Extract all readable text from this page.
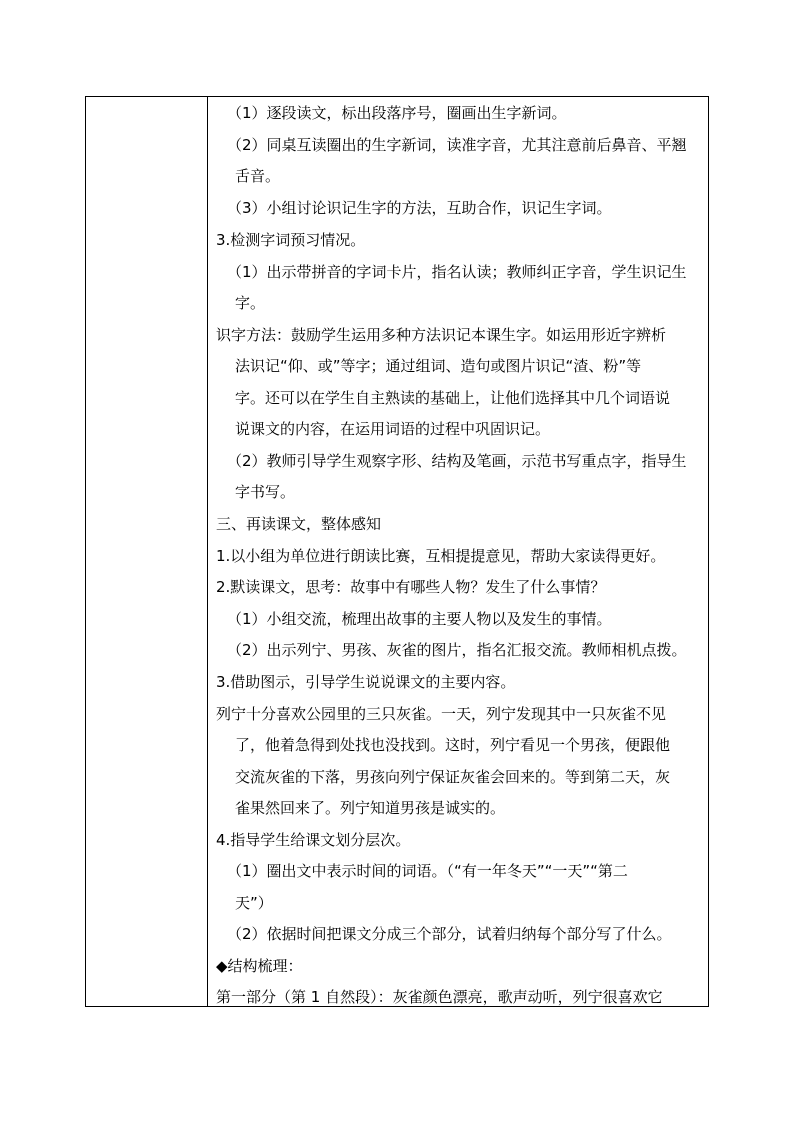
（1）逐段读文，标出段落序号，圈画出生字新词。
（2）同桌互读圈出的生字新词，读准字音，尤其注意前后鼻音、平翘
舌音。
（3）小组讨论识记生字的方法，互助合作，识记生字词。
3.检测字词预习情况。
（1）出示带拼音的字词卡片，指名认读；教师纠正字音，学生识记生
字。
识字方法：鼓励学生运用多种方法识记本课生字。如运用形近字辨析
法识记“仰、或”等字；通过组词、造句或图片识记“渣、粉”等
字。还可以在学生自主熟读的基础上，让他们选择其中几个词语说
说课文的内容，在运用词语的过程中巩固识记。
（2）教师引导学生观察字形、结构及笔画，示范书写重点字，指导生
字书写。
三、再读课文，整体感知
1.以小组为单位进行朗读比赛，互相提提意见，帮助大家读得更好。
2.默读课文，思考：故事中有哪些人物？发生了什么事情？
（1）小组交流，梳理出故事的主要人物以及发生的事情。
（2）出示列宁、男孩、灰雀的图片，指名汇报交流。教师相机点拨。
3.借助图示，引导学生说说课文的主要内容。
列宁十分喜欢公园里的三只灰雀。一天，列宁发现其中一只灰雀不见
了，他着急得到处找也没找到。这时，列宁看见一个男孩，便跟他
交流灰雀的下落，男孩向列宁保证灰雀会回来的。等到第二天，灰
雀果然回来了。列宁知道男孩是诚实的。
4.指导学生给课文划分层次。
（1）圈出文中表示时间的词语。（“有一年冬天”“一天”“第二
天”）
（2）依据时间把课文分成三个部分，试着归纳每个部分写了什么。
◆结构梳理：
第一部分（第 1 自然段）：灰雀颜色漂亮，歌声动听，列宁很喜欢它
